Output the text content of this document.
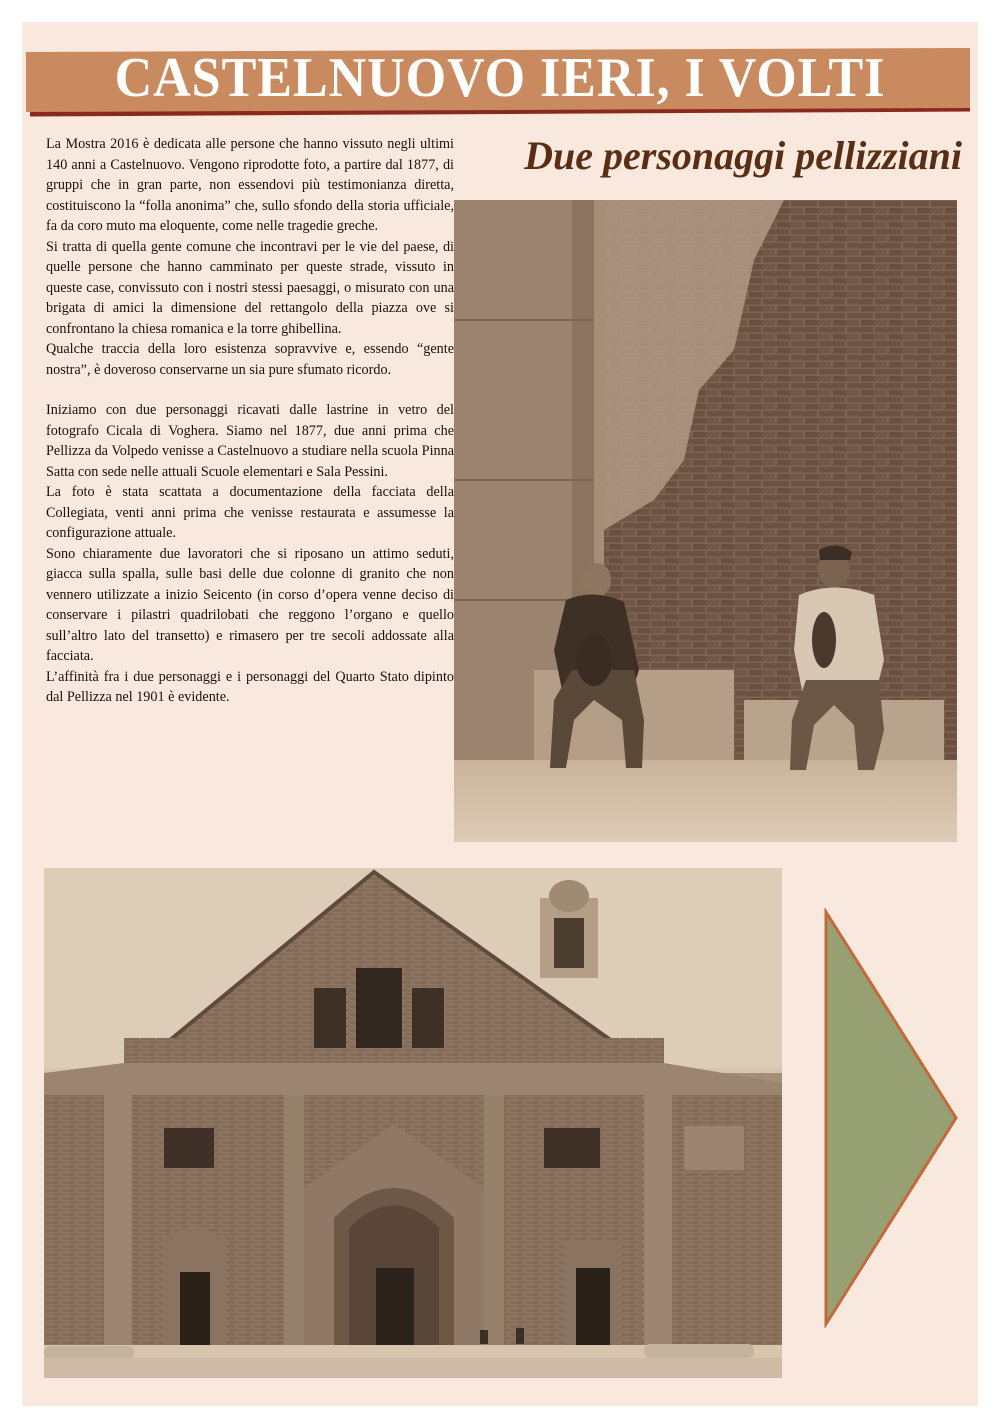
CASTELNUOVO IERI, I VOLTI
Due personaggi pellizziani

La Mostra 2016 è dedicata alle persone che hanno vissuto negli ultimi 140 anni a Castelnuovo. Vengono riprodotte foto, a partire dal 1877, di gruppi che in gran parte, non essendovi più testimonianza diretta, costituiscono la “folla anonima” che, sullo sfondo della storia ufficiale, fa da coro muto ma eloquente, come nelle tragedie greche.

Si tratta di quella gente comune che incontravi per le vie del paese, di quelle persone che hanno camminato per queste strade, vissuto in queste case, convissuto con i nostri stessi paesaggi, o misurato con una brigata di amici la dimensione del rettangolo della piazza ove si confrontano la chiesa romanica e la torre ghibellina.

Qualche traccia della loro esistenza sopravvive e, essendo “gente nostra”, è doveroso conservarne un sia pure sfumato ricordo.

Iniziamo con due personaggi ricavati dalle lastrine in vetro del fotografo Cicala di Voghera. Siamo nel 1877, due anni prima che Pellizza da Volpedo venisse a Castelnuovo a studiare nella scuola Pinna Satta con sede nelle attuali Scuole elementari e Sala Pessini.

La foto è stata scattata a documentazione della facciata della Collegiata, venti anni prima che venisse restaurata e assumesse la configurazione attuale.

Sono chiaramente due lavoratori che si riposano un attimo seduti, giacca sulla spalla, sulle basi delle due colonne di granito che non vennero utilizzate a inizio Seicento (in corso d’opera venne deciso di conservare i pilastri quadrilobati che reggono l’organo e quello sull’altro lato del transetto) e rimasero per tre secoli addossate alla facciata.

L’affinità fra i due personaggi e i personaggi del Quarto Stato dipinto dal Pellizza nel 1901 è evidente.
